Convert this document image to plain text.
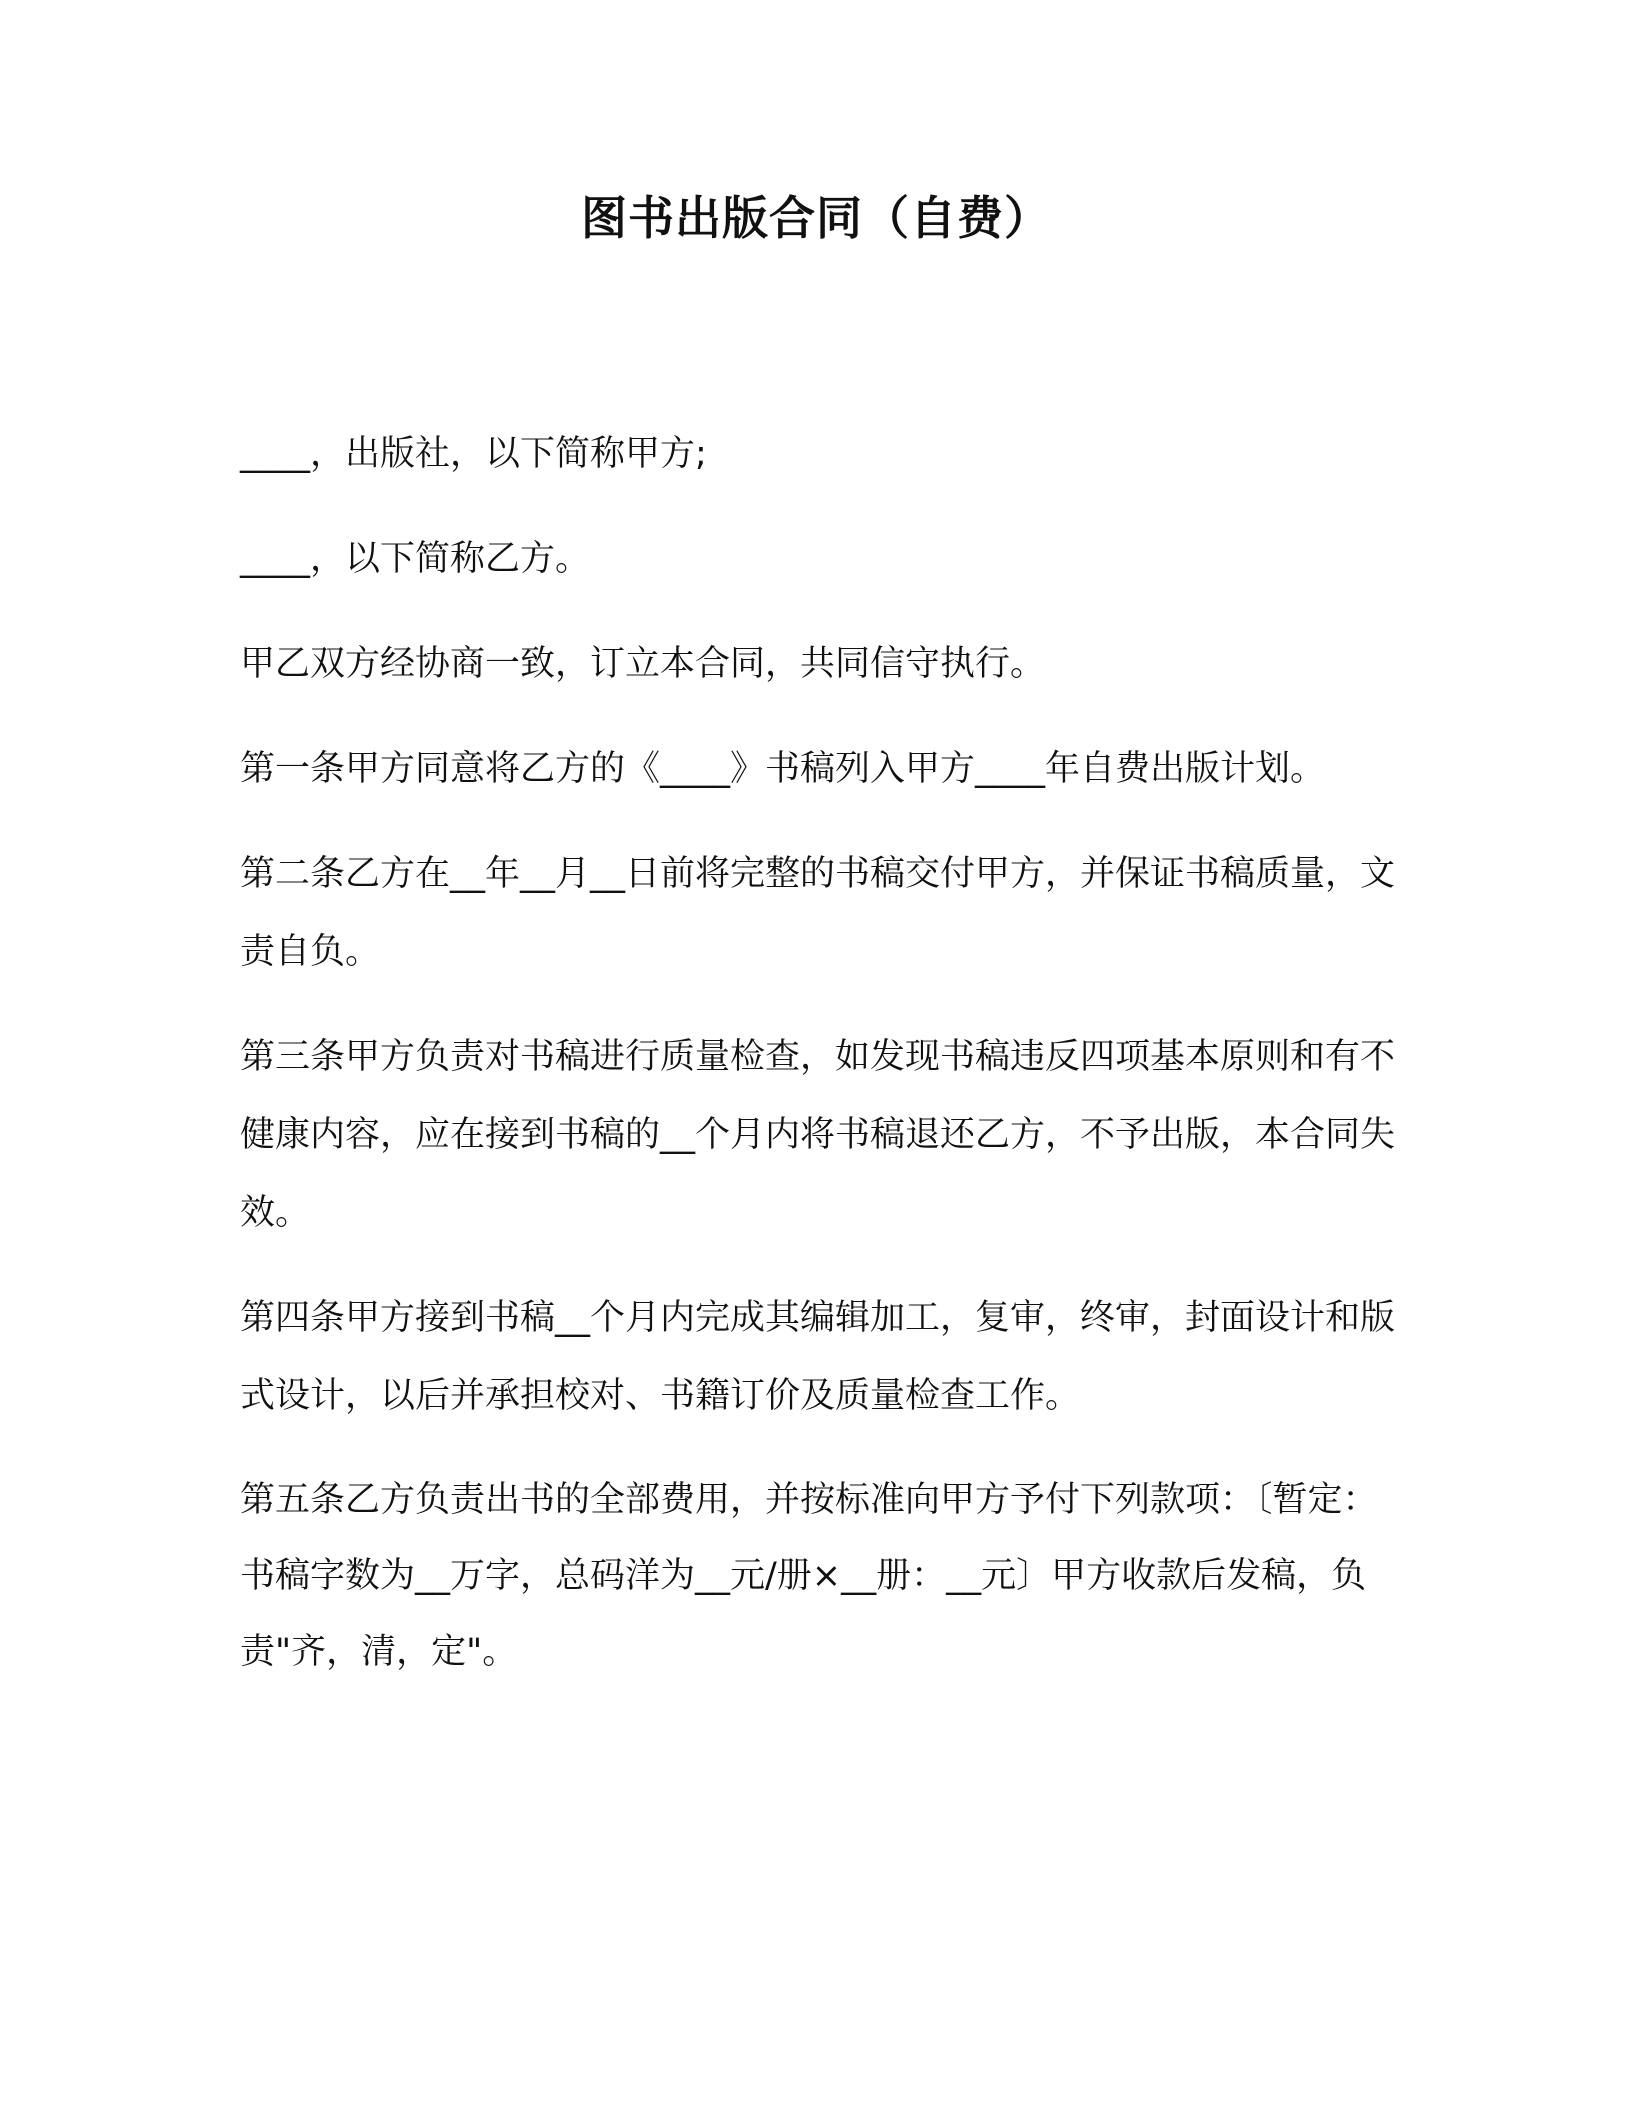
图书出版合同（自费）

____，出版社，以下简称甲方;

____，以下简称乙方。

甲乙双方经协商一致，订立本合同，共同信守执行。

第一条甲方同意将乙方的《____》书稿列入甲方____年自费出版计划。

第二条乙方在__年__月__日前将完整的书稿交付甲方，并保证书稿质量，文责自负。

第三条甲方负责对书稿进行质量检查，如发现书稿违反四项基本原则和有不健康内容，应在接到书稿的__个月内将书稿退还乙方，不予出版，本合同失效。

第四条甲方接到书稿__个月内完成其编辑加工，复审，终审，封面设计和版式设计，以后并承担校对、书籍订价及质量检查工作。

第五条乙方负责出书的全部费用，并按标准向甲方予付下列款项：〔暂定：书稿字数为__万字，总码洋为__元/册×__册：__元〕甲方收款后发稿，负责"齐，清，定"。
